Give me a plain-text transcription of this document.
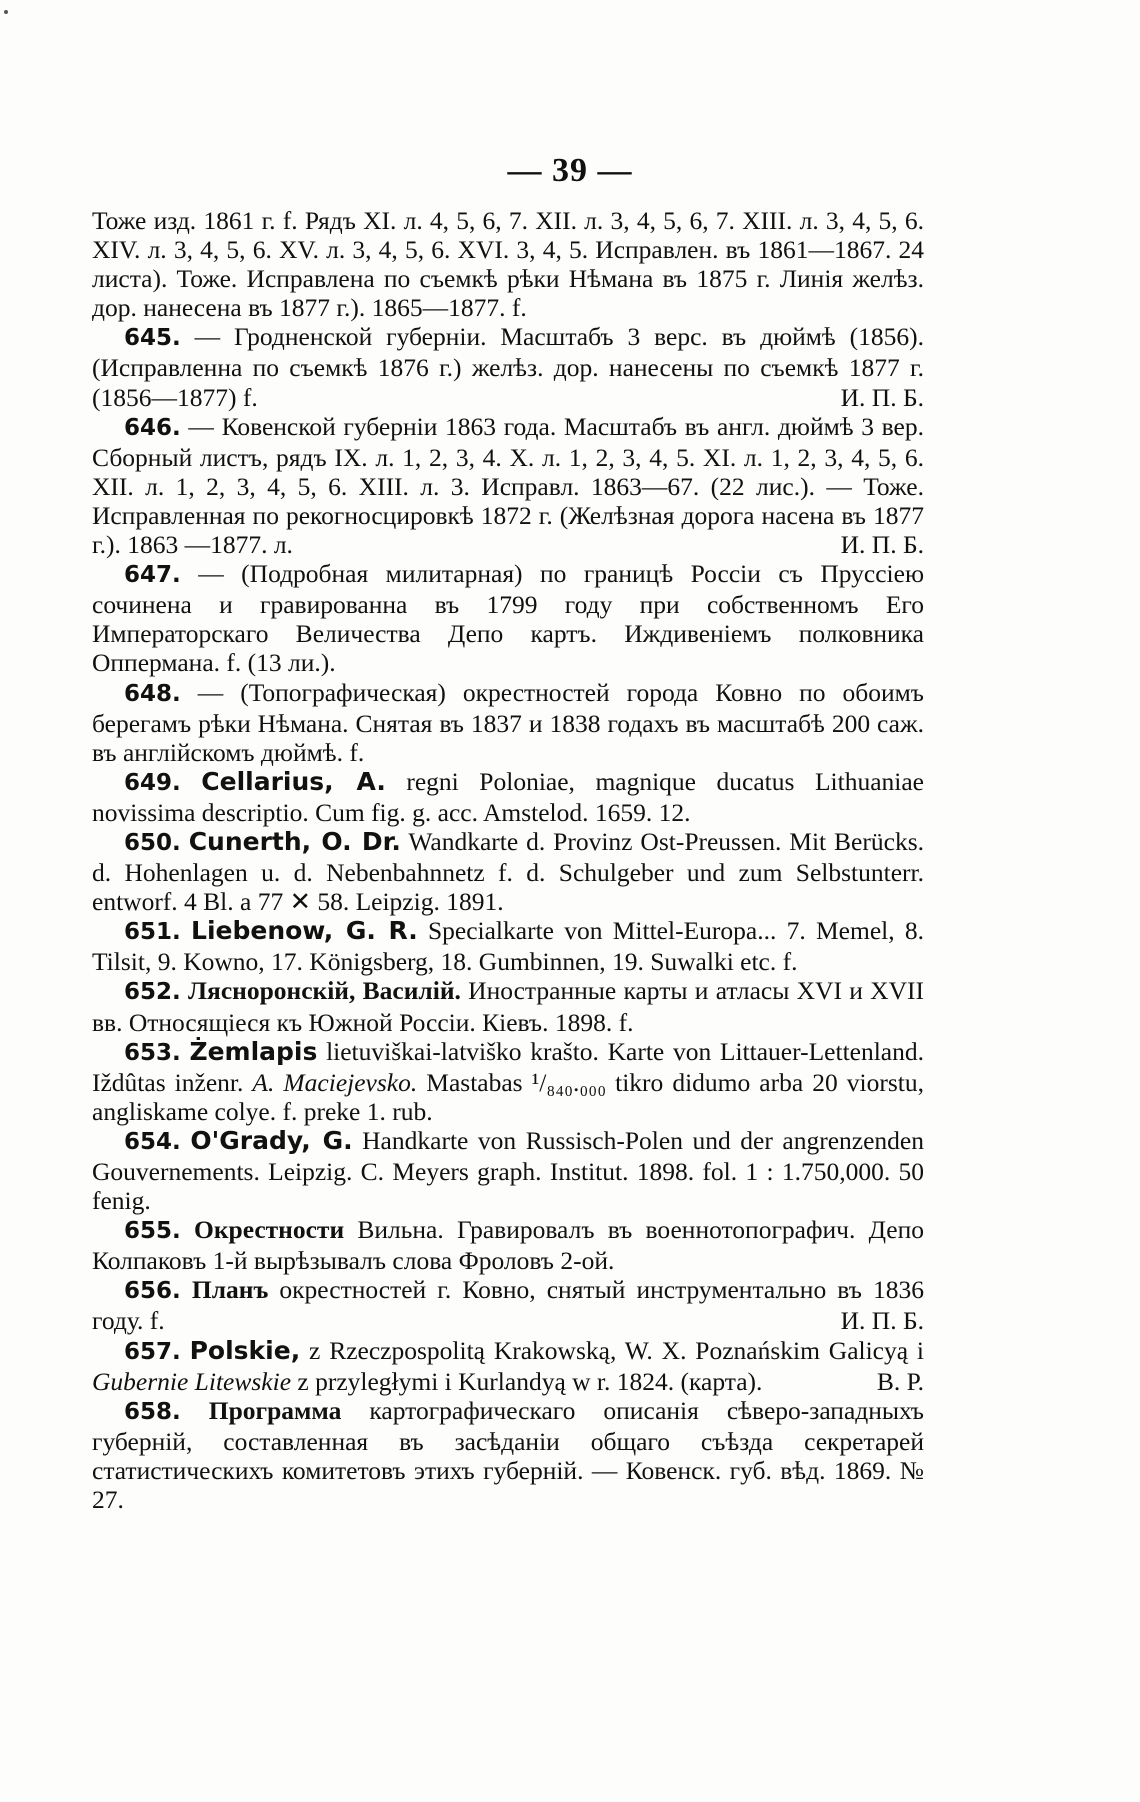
— 39 —

Тоже изд. 1861 г. f. Рядъ XI. л. 4, 5, 6, 7. XII. л. 3, 4, 5, 6, 7. XIII. л. 3, 4, 5, 6. XIV. л. 3, 4, 5, 6. XV. л. 3, 4, 5, 6. XVI. 3, 4, 5. Исправлен. въ 1861—1867. 24 листа). Тоже. Исправлена по съемкѣ рѣки Нѣмана въ 1875 г. Линія желѣз. дор. нанесена въ 1877 г.). 1865—1877. f.

645. — Гродненской губерніи. Масштабъ 3 верс. въ дюймѣ (1856). (Исправленна по съемкѣ 1876 г.) желѣз. дор. нанесены по съемкѣ 1877 г. (1856—1877) f.	И. П. Б.

646. — Ковенской губерніи 1863 года. Масштабъ въ англ. дюймѣ 3 вер. Сборный листъ, рядъ IX. л. 1, 2, 3, 4. X. л. 1, 2, 3, 4, 5. XI. л. 1, 2, 3, 4, 5, 6. XII. л. 1, 2, 3, 4, 5, 6. XIII. л. 3. Исправл. 1863—67. (22 лис.). — Тоже. Исправленная по рекогносцировкѣ 1872 г. (Желѣзная дорога насена въ 1877 г.). 1863 —1877. л.	И. П. Б.

647. — (Подробная милитарная) по границѣ Россіи съ Пруссіею сочинена и гравированна въ 1799 году при собственномъ Его Императорскаго Величества Депо картъ. Иждивеніемъ полковника Оппермана. f. (13 ли.).

648. — (Топографическая) окрестностей города Ковно по обоимъ берегамъ рѣки Нѣмана. Снятая въ 1837 и 1838 годахъ въ масштабѣ 200 саж. въ англійскомъ дюймѣ. f.

649. Cellarius, A. regni Poloniae, magnique ducatus Lithuaniae novissima descriptio. Cum fig. g. acc. Amstelod. 1659. 12.

650. Cunerth, O. Dr. Wandkarte d. Provinz Ost-Preussen. Mit Berücks. d. Hohenlagen u. d. Nebenbahnnetz f. d. Schulgeber und zum Selbstunterr. entworf. 4 Bl. a 77 ✕ 58. Leipzig. 1891.

651. Liebenow, G. R. Specialkarte von Mittel-Europa... 7. Memel, 8. Tilsit, 9. Kowno, 17. Königsberg, 18. Gumbinnen, 19. Suwalki etc. f.

652. Лясноронскій, Василій. Иностранные карты и атласы XVI и XVII вв. Относящіеся къ Южной Россіи. Кіевъ. 1898. f.

653. Żemlapis lietuviškai-latviško krašto. Karte von Littauer-Lettenland. Iždûtas inženr. A. Maciejevsko. Mastabas ¹/₈₄₀.₀₀₀ tikro didumo arba 20 viorstu, angliskame colye. f. preke 1. rub.

654. O'Grady, G. Handkarte von Russisch-Polen und der angrenzenden Gouvernements. Leipzig. C. Meyers graph. Institut. 1898. fol. 1 : 1.750,000. 50 fenig.

655. Окрестности Вильна. Гравировалъ въ военнотопографич. Депо Колпаковъ 1-й вырѣзывалъ слова Фроловъ 2-ой.

656. Планъ окрестностей г. Ковно, снятый инструментально въ 1836 году. f.	И. П. Б.

657. Polskie, z Rzeczpospolitą Krakowską, W. X. Poznańskim Galicyą i Guberniе Litewskie z przyległymi i Kurlandyą w r. 1824. (карта).	В. Р.

658. Программа картографическаго описанія сѣверо-западныхъ губерній, составленная въ засѣданіи общаго съѣзда секретарей статистическихъ комитетовъ этихъ губерній. — Ковенск. губ. вѣд. 1869. № 27.
